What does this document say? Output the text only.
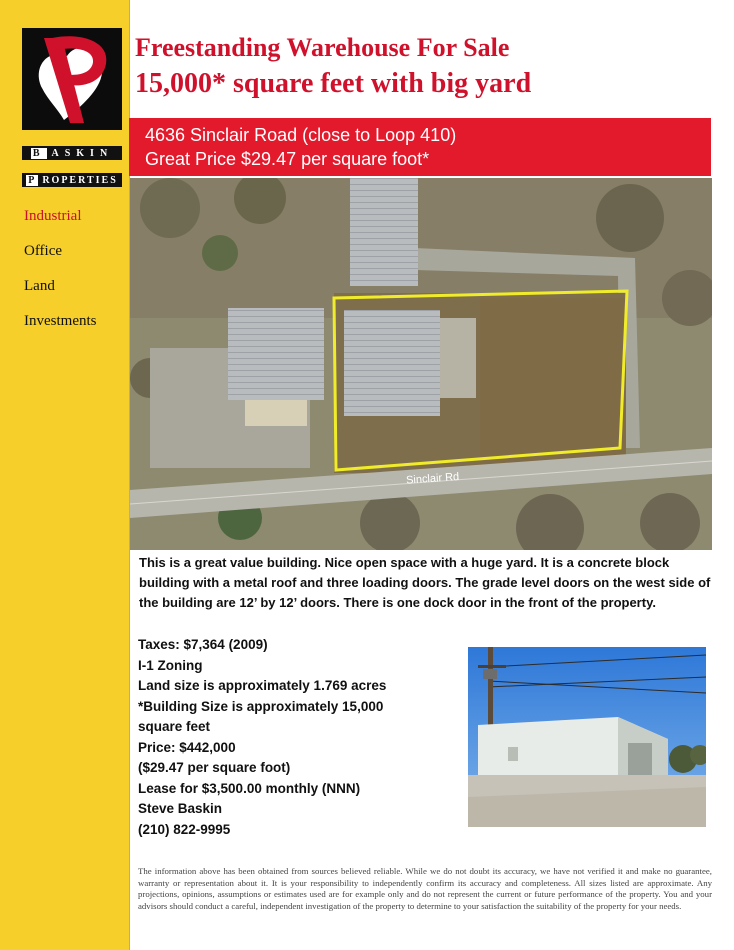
B ASKIN
P ROPERTIES
Industrial
Office
Land
Investments
Freestanding Warehouse For Sale
15,000* square feet with big yard
4636 Sinclair Road (close to Loop 410)
Great Price $29.47 per square foot*
Sinclair Rd

This is a great value building. Nice open space with a huge yard. It is a concrete block building with a metal roof and three loading doors. The grade level doors on the west side of the building are 12’ by 12’ doors. There is one dock door in the front of the property.

Taxes: $7,364 (2009)
I-1 Zoning
Land size is approximately 1.769 acres
*Building Size is approximately 15,000
square feet
Price: $442,000
($29.47 per square foot)
Lease for $3,500.00 monthly (NNN)
Steve Baskin
(210) 822-9995

The information above has been obtained from sources believed reliable. While we do not doubt its accuracy, we have not verified it and make no guarantee, warranty or representation about it. It is your responsibility to independently confirm its accuracy and completeness. All sizes listed are approximate. Any projections, opinions, assumptions or estimates used are for example only and do not represent the current or future performance of the property. You and your advisors should conduct a careful, independent investigation of the property to determine to your satisfaction the suitability of the property for your needs.
